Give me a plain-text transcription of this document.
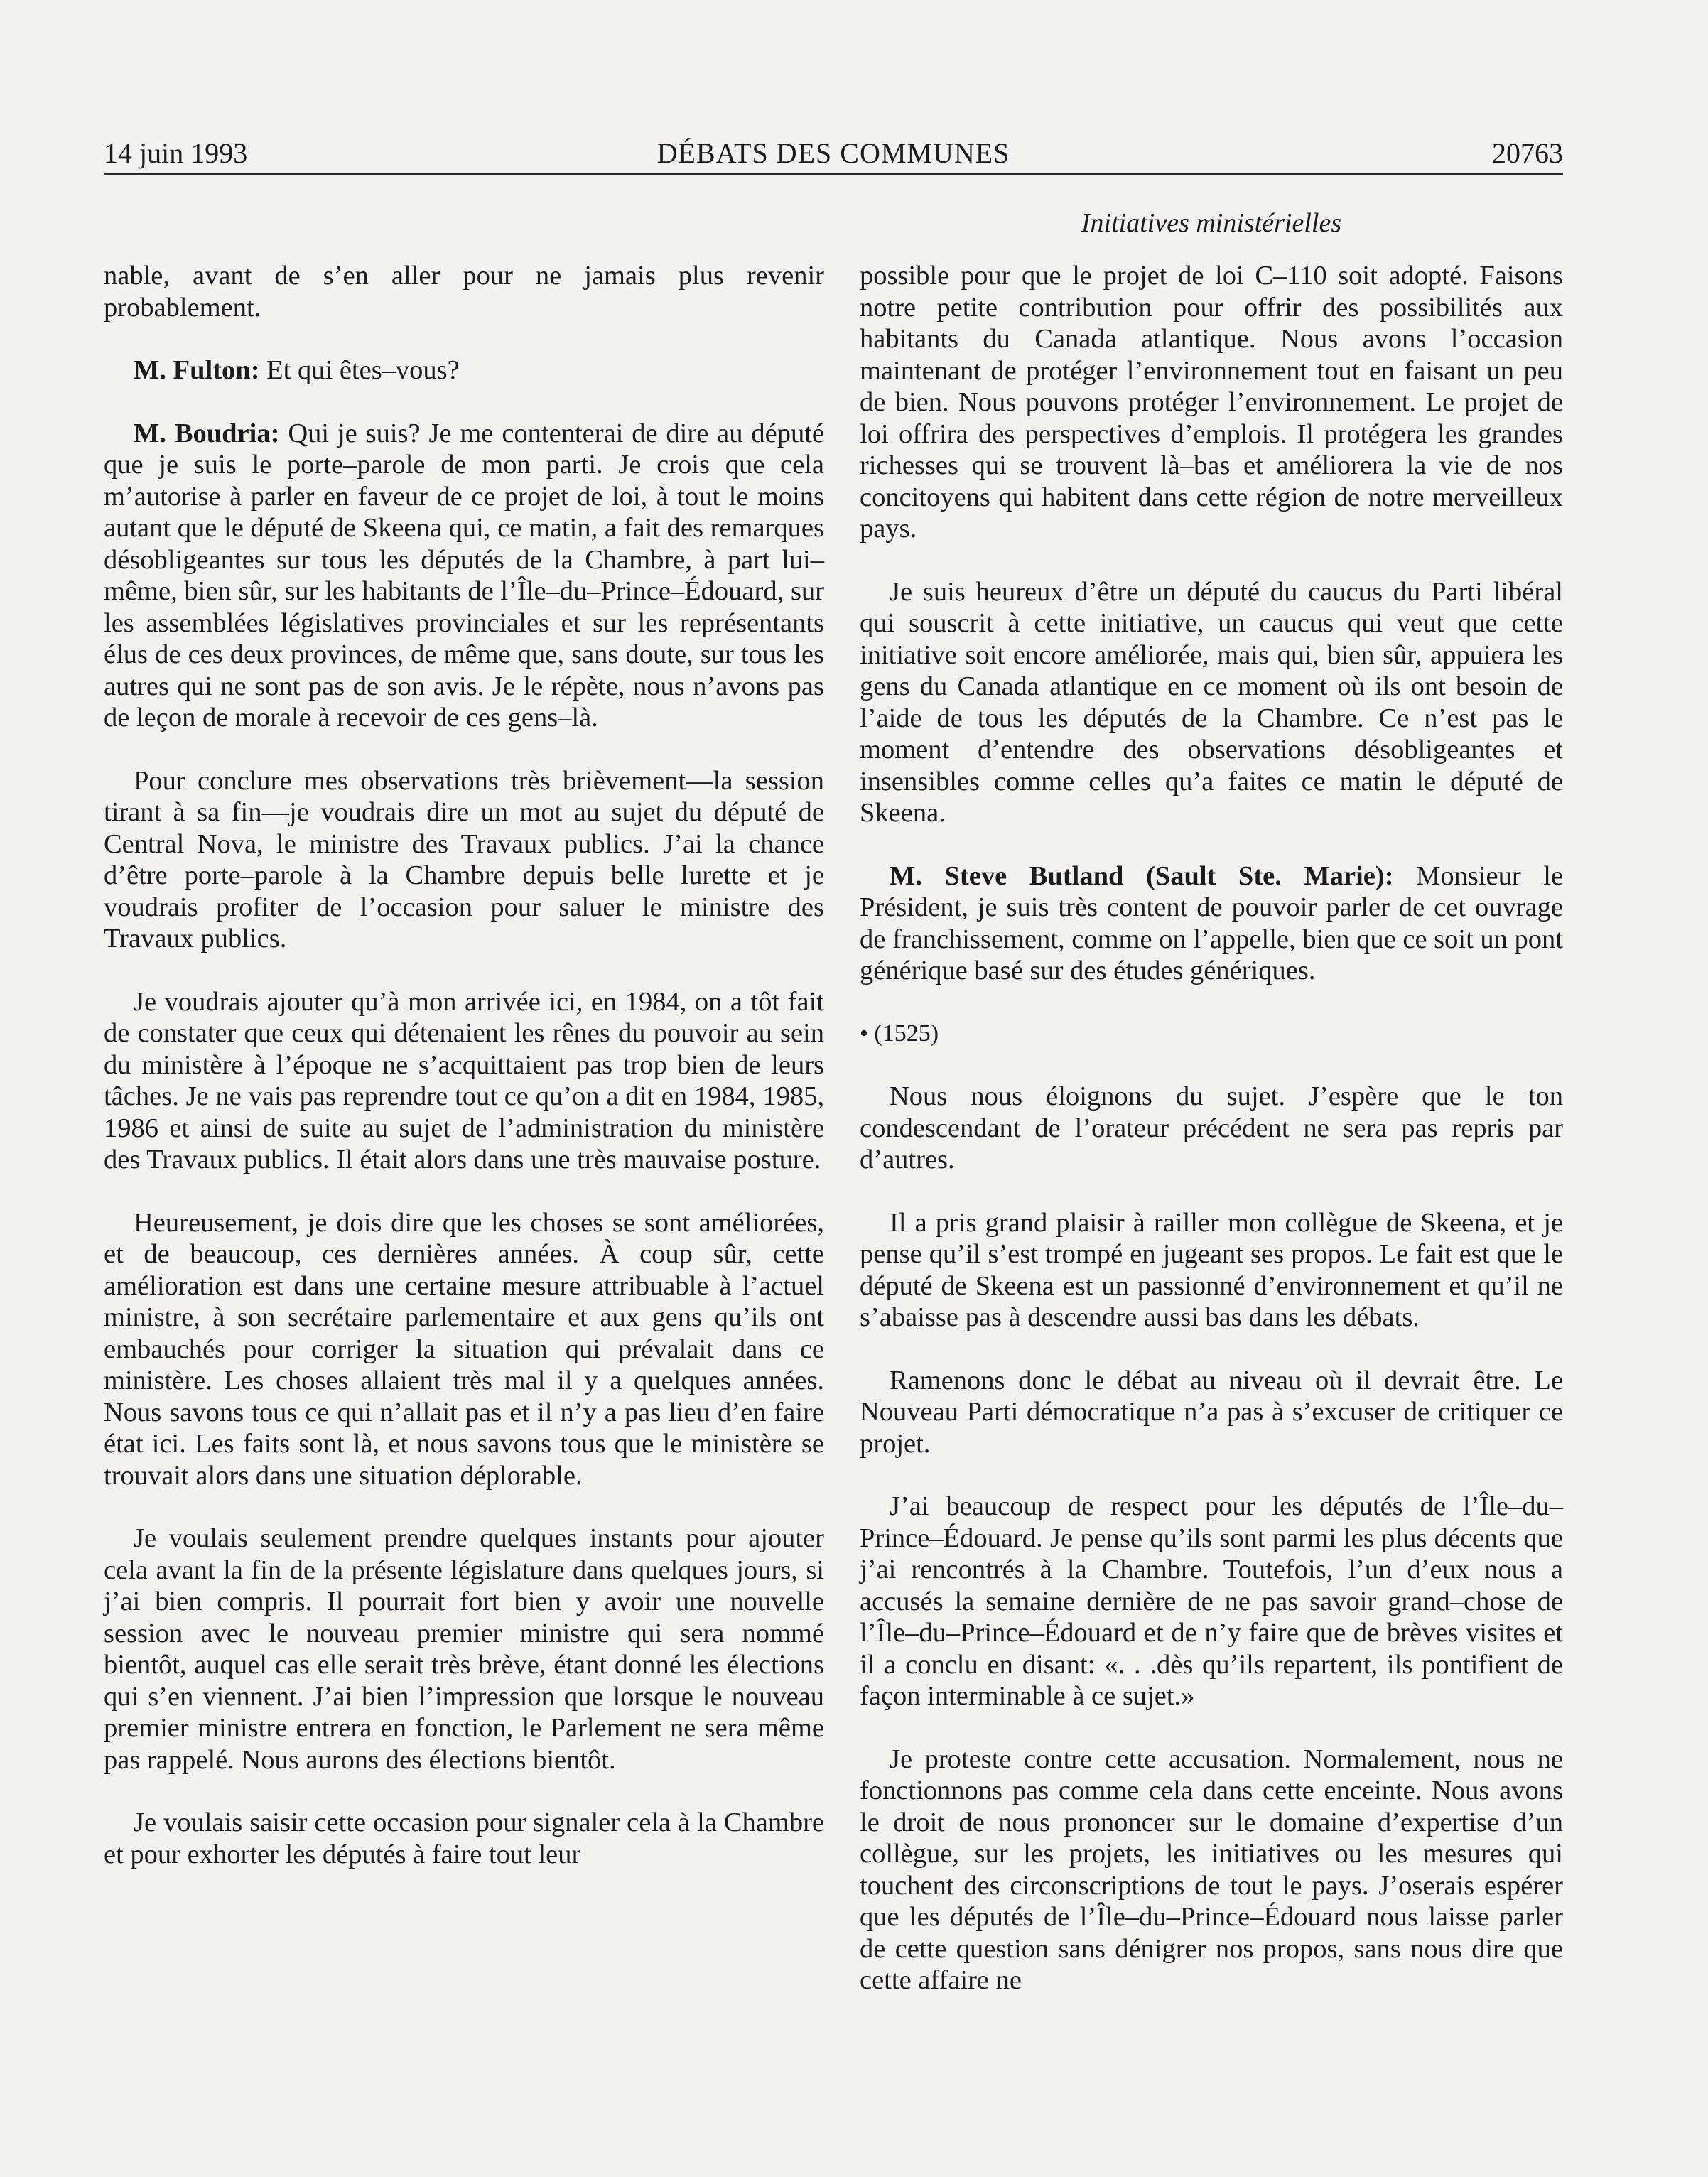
14 juin 1993	DÉBATS DES COMMUNES	20763
Initiatives ministérielles

nable, avant de s’en aller pour ne jamais plus revenir probablement.

M. Fulton: Et qui êtes–vous?

M. Boudria: Qui je suis? Je me contenterai de dire au député que je suis le porte–parole de mon parti. Je crois que cela m’autorise à parler en faveur de ce projet de loi, à tout le moins autant que le député de Skeena qui, ce matin, a fait des remarques désobligeantes sur tous les députés de la Chambre, à part lui–même, bien sûr, sur les habitants de l’Île–du–Prince–Édouard, sur les assemblées législatives provinciales et sur les représentants élus de ces deux provinces, de même que, sans doute, sur tous les autres qui ne sont pas de son avis. Je le répète, nous n’avons pas de leçon de morale à recevoir de ces gens–là.

Pour conclure mes observations très brièvement—la session tirant à sa fin—je voudrais dire un mot au sujet du député de Central Nova, le ministre des Travaux publics. J’ai la chance d’être porte–parole à la Chambre depuis belle lurette et je voudrais profiter de l’occasion pour saluer le ministre des Travaux publics.

Je voudrais ajouter qu’à mon arrivée ici, en 1984, on a tôt fait de constater que ceux qui détenaient les rênes du pouvoir au sein du ministère à l’époque ne s’acquittaient pas trop bien de leurs tâches. Je ne vais pas reprendre tout ce qu’on a dit en 1984, 1985, 1986 et ainsi de suite au sujet de l’administration du ministère des Travaux publics. Il était alors dans une très mauvaise posture.

Heureusement, je dois dire que les choses se sont améliorées, et de beaucoup, ces dernières années. À coup sûr, cette amélioration est dans une certaine mesure attribuable à l’actuel ministre, à son secrétaire parlementaire et aux gens qu’ils ont embauchés pour corriger la situation qui prévalait dans ce ministère. Les choses allaient très mal il y a quelques années. Nous savons tous ce qui n’allait pas et il n’y a pas lieu d’en faire état ici. Les faits sont là, et nous savons tous que le ministère se trouvait alors dans une situation déplorable.

Je voulais seulement prendre quelques instants pour ajouter cela avant la fin de la présente législature dans quelques jours, si j’ai bien compris. Il pourrait fort bien y avoir une nouvelle session avec le nouveau premier ministre qui sera nommé bientôt, auquel cas elle serait très brève, étant donné les élections qui s’en viennent. J’ai bien l’impression que lorsque le nouveau premier ministre entrera en fonction, le Parlement ne sera même pas rappelé. Nous aurons des élections bientôt.

Je voulais saisir cette occasion pour signaler cela à la Chambre et pour exhorter les députés à faire tout leur

possible pour que le projet de loi C–110 soit adopté. Faisons notre petite contribution pour offrir des possibilités aux habitants du Canada atlantique. Nous avons l’occasion maintenant de protéger l’environnement tout en faisant un peu de bien. Nous pouvons protéger l’environnement. Le projet de loi offrira des perspectives d’emplois. Il protégera les grandes richesses qui se trouvent là–bas et améliorera la vie de nos concitoyens qui habitent dans cette région de notre merveilleux pays.

Je suis heureux d’être un député du caucus du Parti libéral qui souscrit à cette initiative, un caucus qui veut que cette initiative soit encore améliorée, mais qui, bien sûr, appuiera les gens du Canada atlantique en ce moment où ils ont besoin de l’aide de tous les députés de la Chambre. Ce n’est pas le moment d’entendre des observations désobligeantes et insensibles comme celles qu’a faites ce matin le député de Skeena.

M. Steve Butland (Sault Ste. Marie): Monsieur le Président, je suis très content de pouvoir parler de cet ouvrage de franchissement, comme on l’appelle, bien que ce soit un pont générique basé sur des études génériques.

• (1525)

Nous nous éloignons du sujet. J’espère que le ton condescendant de l’orateur précédent ne sera pas repris par d’autres.

Il a pris grand plaisir à railler mon collègue de Skeena, et je pense qu’il s’est trompé en jugeant ses propos. Le fait est que le député de Skeena est un passionné d’environnement et qu’il ne s’abaisse pas à descendre aussi bas dans les débats.

Ramenons donc le débat au niveau où il devrait être. Le Nouveau Parti démocratique n’a pas à s’excuser de critiquer ce projet.

J’ai beaucoup de respect pour les députés de l’Île–du–Prince–Édouard. Je pense qu’ils sont parmi les plus décents que j’ai rencontrés à la Chambre. Toutefois, l’un d’eux nous a accusés la semaine dernière de ne pas savoir grand–chose de l’Île–du–Prince–Édouard et de n’y faire que de brèves visites et il a conclu en disant: «. . .dès qu’ils repartent, ils pontifient de façon interminable à ce sujet.»

Je proteste contre cette accusation. Normalement, nous ne fonctionnons pas comme cela dans cette enceinte. Nous avons le droit de nous prononcer sur le domaine d’expertise d’un collègue, sur les projets, les initiatives ou les mesures qui touchent des circonscriptions de tout le pays. J’oserais espérer que les députés de l’Île–du–Prince–Édouard nous laisse parler de cette question sans dénigrer nos propos, sans nous dire que cette affaire ne
